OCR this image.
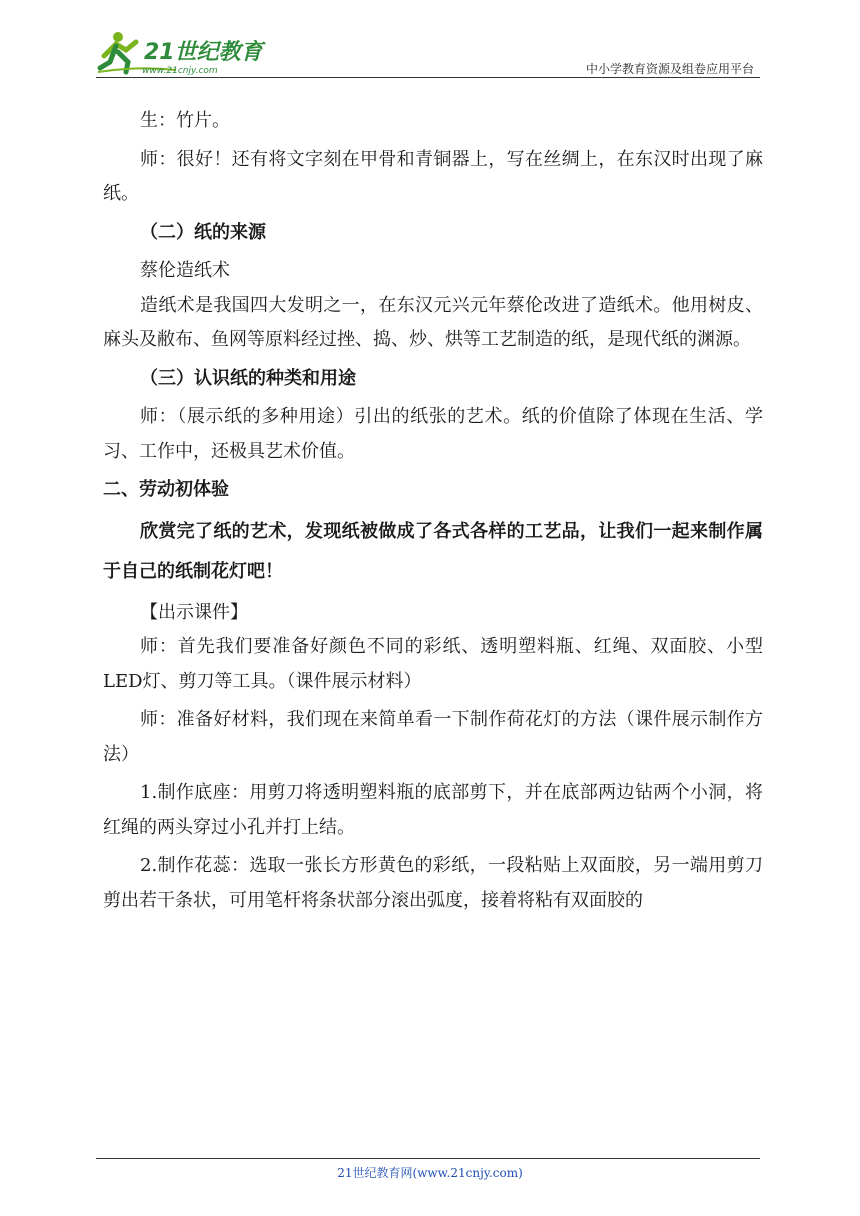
21世纪教育
www.21cnjy.com	中小学教育资源及组卷应用平台

生：竹片。

师：很好！还有将文字刻在甲骨和青铜器上，写在丝绸上，在东汉时出现了麻纸。

（二）纸的来源

蔡伦造纸术

造纸术是我国四大发明之一，在东汉元兴元年蔡伦改进了造纸术。他用树皮、麻头及敝布、鱼网等原料经过挫、捣、炒、烘等工艺制造的纸，是现代纸的渊源。

（三）认识纸的种类和用途

师：（展示纸的多种用途）引出的纸张的艺术。纸的价值除了体现在生活、学习、工作中，还极具艺术价值。

二、劳动初体验

欣赏完了纸的艺术，发现纸被做成了各式各样的工艺品，让我们一起来制作属于自己的纸制花灯吧！

【出示课件】

师：首先我们要准备好颜色不同的彩纸、透明塑料瓶、红绳、双面胶、小型LED灯、剪刀等工具。（课件展示材料）

师：准备好材料，我们现在来简单看一下制作荷花灯的方法（课件展示制作方法）

1.制作底座：用剪刀将透明塑料瓶的底部剪下，并在底部两边钻两个小洞，将红绳的两头穿过小孔并打上结。

2.制作花蕊：选取一张长方形黄色的彩纸，一段粘贴上双面胶，另一端用剪刀剪出若干条状，可用笔杆将条状部分滚出弧度，接着将粘有双面胶的

21世纪教育网(www.21cnjy.com)
